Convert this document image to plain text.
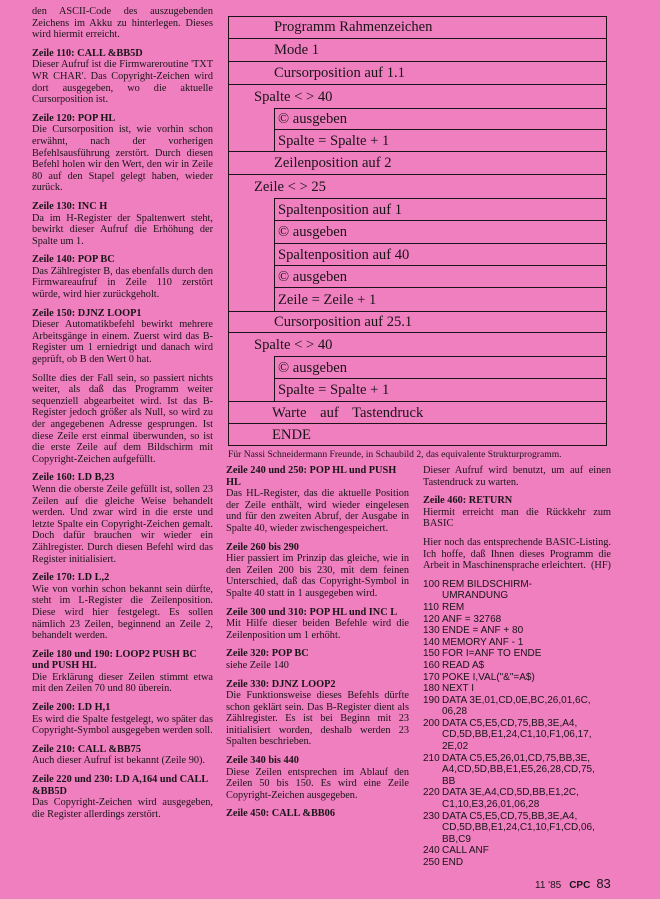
den ASCII-Code des auszugebenden Zeichens im Akku zu hinterlegen. Dieses wird hiermit erreicht.

Zeile 110: CALL &BB5D

Dieser Aufruf ist die Firmwareroutine 'TXT WR CHAR'. Das Copyright-Zeichen wird dort ausgegeben, wo die aktuelle Cursorposition ist.

Zeile 120: POP HL

Die Cursorposition ist, wie vorhin schon erwähnt, nach der vorherigen Befehlsausführung zerstört. Durch diesen Befehl holen wir den Wert, den wir in Zeile 80 auf den Stapel gelegt haben, wieder zurück.

Zeile 130: INC H

Da im H-Register der Spaltenwert steht, bewirkt dieser Aufruf die Erhöhung der Spalte um 1.

Zeile 140: POP BC

Das Zählregister B, das ebenfalls durch den Firmwareaufruf in Zeile 110 zerstört würde, wird hier zurückgeholt.

Zeile 150: DJNZ LOOP1

Dieser Automatikbefehl bewirkt mehrere Arbeitsgänge in einem. Zuerst wird das B-Register um 1 erniedrigt und danach wird geprüft, ob B den Wert 0 hat.

Sollte dies der Fall sein, so passiert nichts weiter, als daß das Programm weiter sequenziell abgearbeitet wird. Ist das B-Register jedoch größer als Null, so wird zu der angegebenen Adresse gesprungen. Ist diese Zeile erst einmal überwunden, so ist die erste Zeile auf dem Bildschirm mit Copyright-Zeichen aufgefüllt.

Zeile 160: LD B,23

Wenn die oberste Zeile gefüllt ist, sollen 23 Zeilen auf die gleiche Weise behandelt werden. Und zwar wird in die erste und letzte Spalte ein Copyright-Zeichen gemalt. Doch dafür brauchen wir wieder ein Zählregister. Durch diesen Befehl wird das Register initialisiert.

Zeile 170: LD L,2

Wie von vorhin schon bekannt sein dürfte, steht im L-Register die Zeilenposition. Diese wird hier festgelegt. Es sollen nämlich 23 Zeilen, beginnend an Zeile 2, behandelt werden.

Zeile 180 und 190: LOOP2 PUSH BC und PUSH HL

Die Erklärung dieser Zeilen stimmt etwa mit den Zeilen 70 und 80 überein.

Zeile 200: LD H,1

Es wird die Spalte festgelegt, wo später das Copyright-Symbol ausgegeben werden soll.

Zeile 210: CALL &BB75

Auch dieser Aufruf ist bekannt (Zeile 90).

Zeile 220 und 230: LD A,164 und CALL &BB5D

Das Copyright-Zeichen wird ausgegeben, die Register allerdings zerstört.

Programm Rahmenzeichen
Mode 1
Cursorposition auf 1.1
Spalte < > 40
© ausgeben
Spalte = Spalte + 1
Zeilenposition auf 2
Zeile < > 25
Spaltenposition auf 1
© ausgeben
Spaltenposition auf 40
© ausgeben
Zeile = Zeile + 1
Cursorposition auf 25.1
Spalte < > 40
© ausgeben
Spalte = Spalte + 1
Warte auf Tastendruck
ENDE
Für Nassi Schneidermann Freunde, in Schaubild 2, das equivalente Strukturprogramm.
Zeile 240 und 250: POP HL und PUSH HL

Das HL-Register, das die aktuelle Position der Zeile enthält, wird wieder eingelesen und für den zweiten Abruf, der Ausgabe in Spalte 40, wieder zwischengespeichert.

Zeile 260 bis 290

Hier passiert im Prinzip das gleiche, wie in den Zeilen 200 bis 230, mit dem feinen Unterschied, daß das Copyright-Symbol in Spalte 40 statt in 1 ausgegeben wird.

Zeile 300 und 310: POP HL und INC L

Mit Hilfe dieser beiden Befehle wird die Zeilenposition um 1 erhöht.

Zeile 320: POP BC

siehe Zeile 140

Zeile 330: DJNZ LOOP2

Die Funktionsweise dieses Befehls dürfte schon geklärt sein. Das B-Register dient als Zählregister. Es ist bei Beginn mit 23 initialisiert worden, deshalb werden 23 Spalten beschrieben.

Zeile 340 bis 440

Diese Zeilen entsprechen im Ablauf den Zeilen 50 bis 150. Es wird eine Zeile Copyright-Zeichen ausgegeben.

Zeile 450: CALL &BB06

Dieser Aufruf wird benutzt, um auf einen Tastendruck zu warten.

Zeile 460: RETURN

Hiermit erreicht man die Rückkehr zum BASIC

Hier noch das entsprechende BASIC-Listing. Ich hoffe, daß Ihnen dieses Programm die Arbeit in Maschinensprache erleichtert. (HF)

100 REM BILDSCHIRM-
UMRANDUNG
110 REM
120 ANF = 32768
130 ENDE = ANF + 80
140 MEMORY ANF - 1
150 FOR I=ANF TO ENDE
160 READ A$
170 POKE I,VAL("&"=A$)
180 NEXT I
190 DATA 3E,01,CD,0E,BC,26,01,6C,
06,28
200 DATA C5,E5,CD,75,BB,3E,A4,
CD,5D,BB,E1,24,C1,10,F1,06,17,
2E,02
210 DATA C5,E5,26,01,CD,75,BB,3E,
A4,CD,5D,BB,E1,E5,26,28,CD,75,
BB
220 DATA 3E,A4,CD,5D,BB,E1,2C,
C1,10,E3,26,01,06,28
230 DATA C5,E5,CD,75,BB,3E,A4,
CD,5D,BB,E1,24,C1,10,F1,CD,06,
BB,C9
240 CALL ANF
250 END
11 '85 CPC 83
